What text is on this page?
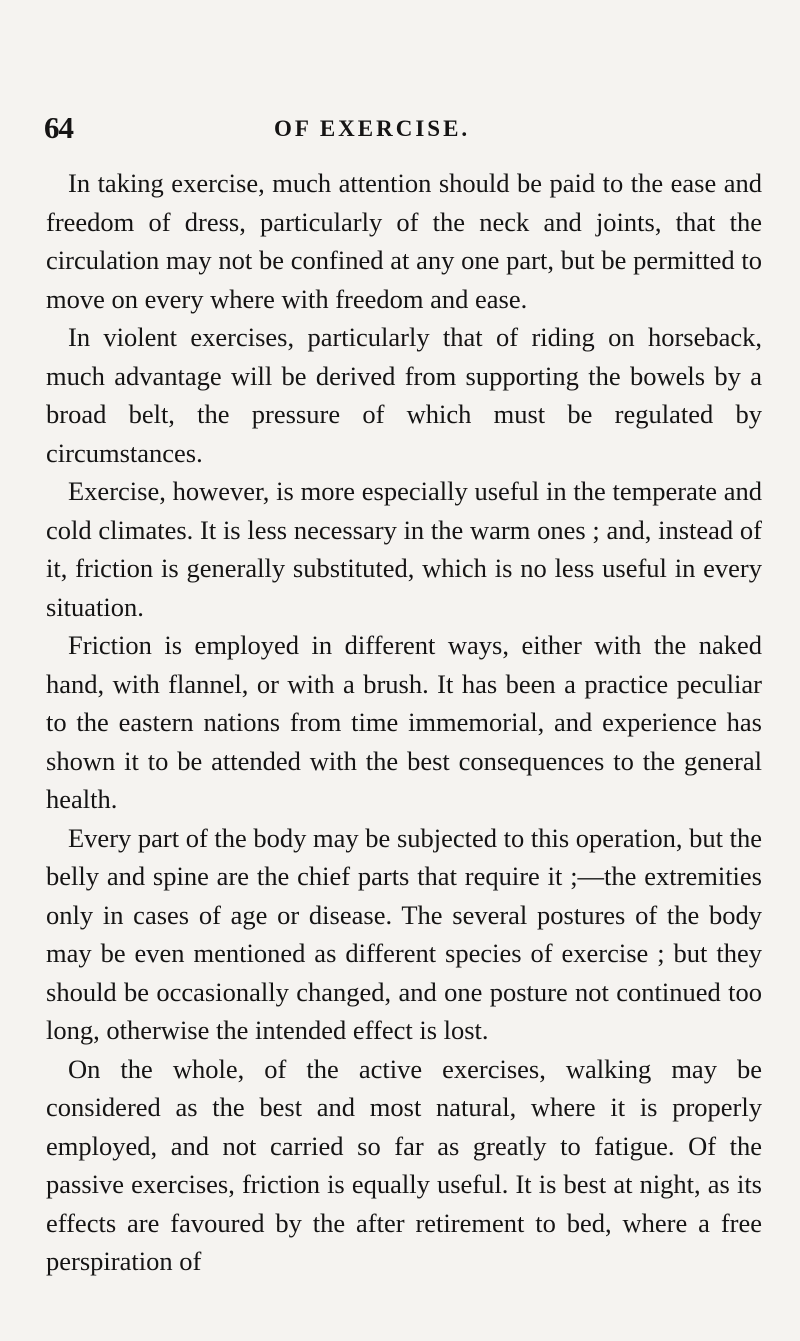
64	OF EXERCISE.

In taking exercise, much attention should be paid to the ease and freedom of dress, particularly of the neck and joints, that the circulation may not be confined at any one part, but be permitted to move on every where with freedom and ease.

In violent exercises, particularly that of riding on horseback, much advantage will be derived from supporting the bowels by a broad belt, the pressure of which must be regulated by circumstances.

Exercise, however, is more especially useful in the temperate and cold climates. It is less necessary in the warm ones ; and, instead of it, friction is generally substituted, which is no less useful in every situation.

Friction is employed in different ways, either with the naked hand, with flannel, or with a brush. It has been a practice peculiar to the eastern nations from time immemorial, and experience has shown it to be attended with the best consequences to the general health.

Every part of the body may be subjected to this operation, but the belly and spine are the chief parts that require it ;—the extremities only in cases of age or disease. The several postures of the body may be even mentioned as different species of exercise ; but they should be occasionally changed, and one posture not continued too long, otherwise the intended effect is lost.

On the whole, of the active exercises, walking may be considered as the best and most natural, where it is properly employed, and not carried so far as greatly to fatigue. Of the passive exercises, friction is equally useful. It is best at night, as its effects are favoured by the after retirement to bed, where a free perspiration of
